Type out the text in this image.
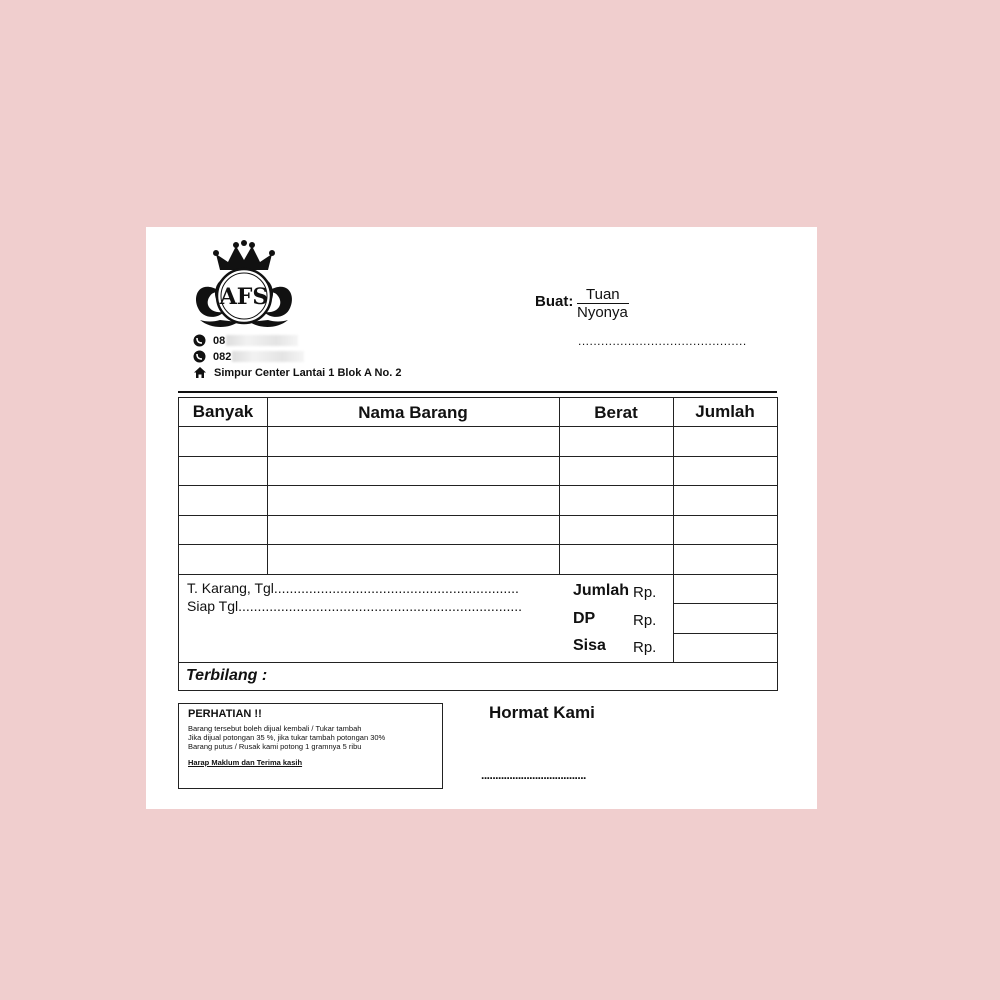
AFS
08
082
Simpur Center Lantai 1 Blok A No. 2
Buat: Tuan
Nyonya
............................................
Banyak	Nama Barang	Berat	Jumlah
T. Karang, Tgl...............................................................
Siap Tgl.........................................................................
Jumlah Rp.
DP	Rp.
Sisa Rp.
Terbilang :
PERHATIAN !!
Barang tersebut boleh dijual kembali / Tukar tambah
Jika dijual potongan 35 %, jika tukar tambah potongan 30%
Barang putus / Rusak kami potong 1 gramnya 5 ribu
Harap Maklum dan Terima kasih
Hormat Kami
.....................................
